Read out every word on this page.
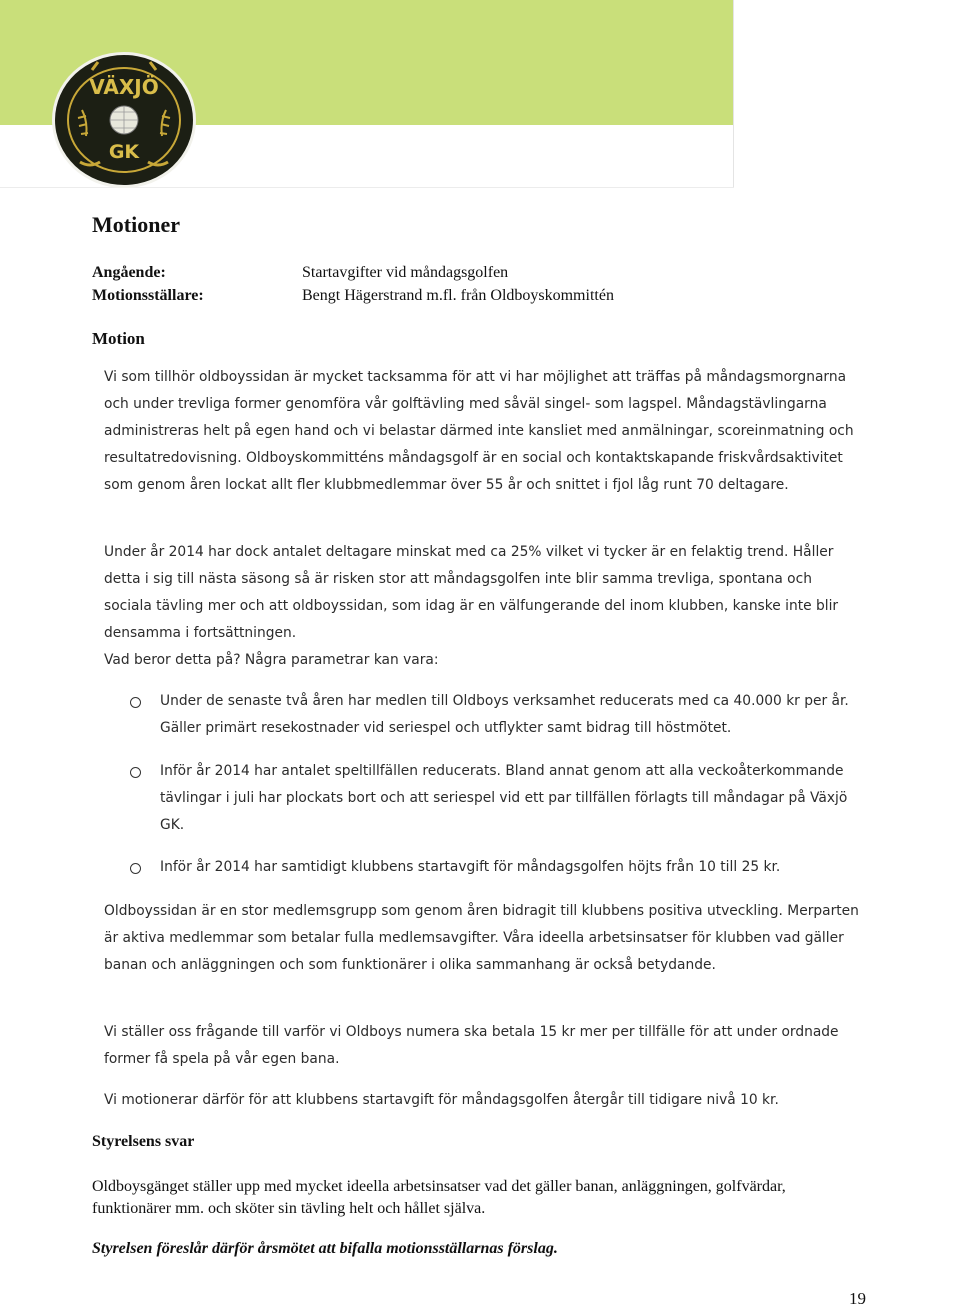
VÄXJÖ
GK
Motioner
Angående:	Startavgifter vid måndagsgolfen
Motionsställare:	Bengt Hägerstrand m.fl. från Oldboyskommittén
Motion

Vi som tillhör oldboyssidan är mycket tacksamma för att vi har möjlighet att träffas på måndagsmorgnarna och under trevliga former genomföra vår golftävling med såväl singel- som lagspel. Måndagstävlingarna administreras helt på egen hand och vi belastar därmed inte kansliet med anmälningar, scoreinmatning och resultatredovisning. Oldboyskommitténs måndagsgolf är en social och kontaktskapande friskvårdsaktivitet som genom åren lockat allt fler klubbmedlemmar över 55 år och snittet i fjol låg runt 70 deltagare.

Under år 2014 har dock antalet deltagare minskat med ca 25% vilket vi tycker är en felaktig trend. Håller detta i sig till nästa säsong så är risken stor att måndagsgolfen inte blir samma trevliga, spontana och sociala tävling mer och att oldboyssidan, som idag är en välfungerande del inom klubben, kanske inte blir densamma i fortsättningen.

Vad beror detta på? Några parametrar kan vara:

Under de senaste två åren har medlen till Oldboys verksamhet reducerats med ca 40.000 kr per år. Gäller primärt resekostnader vid seriespel och utflykter samt bidrag till höstmötet.

Inför år 2014 har antalet speltillfällen reducerats. Bland annat genom att alla veckoåterkommande tävlingar i juli har plockats bort och att seriespel vid ett par tillfällen förlagts till måndagar på Växjö GK.

Inför år 2014 har samtidigt klubbens startavgift för måndagsgolfen höjts från 10 till 25 kr.

Oldboyssidan är en stor medlemsgrupp som genom åren bidragit till klubbens positiva utveckling. Merparten är aktiva medlemmar som betalar fulla medlemsavgifter. Våra ideella arbetsinsatser för klubben vad gäller banan och anläggningen och som funktionärer i olika sammanhang är också betydande.

Vi ställer oss frågande till varför vi Oldboys numera ska betala 15 kr mer per tillfälle för att under ordnade former få spela på vår egen bana.

Vi motionerar därför för att klubbens startavgift för måndagsgolfen återgår till tidigare nivå 10 kr.

Styrelsens svar

Oldboysgänget ställer upp med mycket ideella arbetsinsatser vad det gäller banan, anläggningen, golfvärdar, funktionärer mm. och sköter sin tävling helt och hållet själva.

Styrelsen föreslår därför årsmötet att bifalla motionsställarnas förslag.
19
